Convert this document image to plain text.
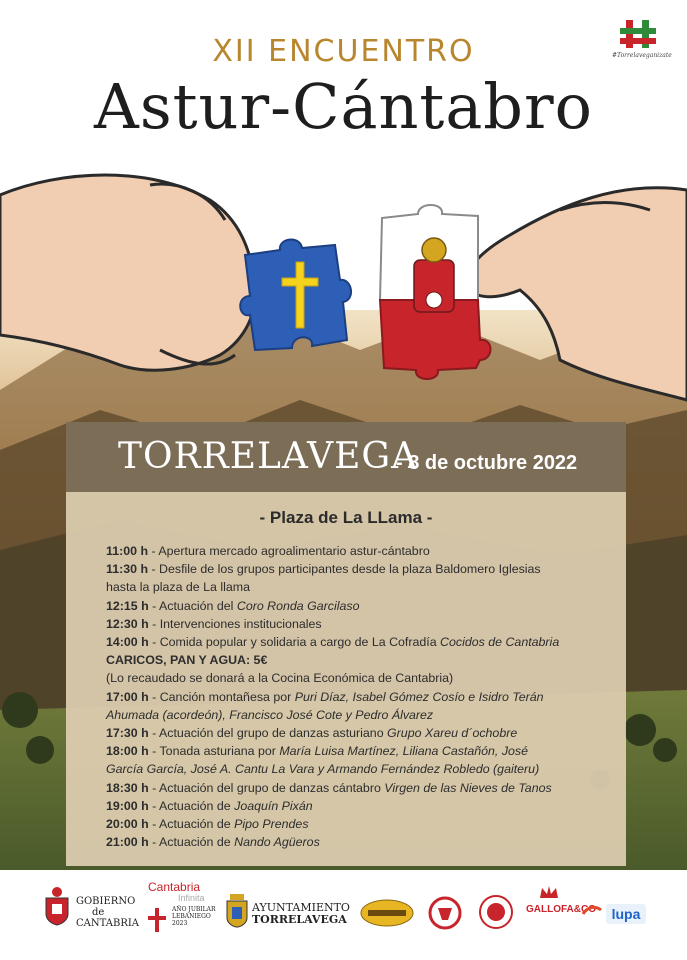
XII ENCUENTRO
Astur-Cántabro
#Torrelaveganizate
TORRELAVEGA
- 8 de octubre 2022
- Plaza de La LLama -
11:00 h - Apertura mercado agroalimentario astur-cántabro
11:30 h - Desfile de los grupos participantes desde la plaza Baldomero Iglesias
hasta la plaza de La llama
12:15 h - Actuación del Coro Ronda Garcilaso
12:30 h - Intervenciones institucionales
14:00 h - Comida popular y solidaria a cargo de La Cofradía Cocidos de Cantabria
CARICOS, PAN Y AGUA: 5€
(Lo recaudado se donará a la Cocina Económica de Cantabria)
17:00 h - Canción montañesa por Puri Díaz, Isabel Gómez Cosío e Isidro Terán
Ahumada (acordeón), Francisco José Cote y Pedro Álvarez
17:30 h - Actuación del grupo de danzas asturiano Grupo Xareu d´ochobre
18:00 h - Tonada asturiana por María Luisa Martínez, Liliana Castañón, José
García García, José A. Cantu La Vara y Armando Fernández Robledo (gaiteru)
18:30 h - Actuación del grupo de danzas cántabro Virgen de las Nieves de Tanos
19:00 h - Actuación de Joaquín Pixán
20:00 h - Actuación de Pipo Prendes
21:00 h - Actuación de Nando Agüeros
GOBIERNO
de
CANTABRIA
Cantabria
Infinita
AÑO JUBILAR
LEBANIEGO
2023
AYUNTAMIENTO
TORRELAVEGA
GALLOFA&CO	lupa
